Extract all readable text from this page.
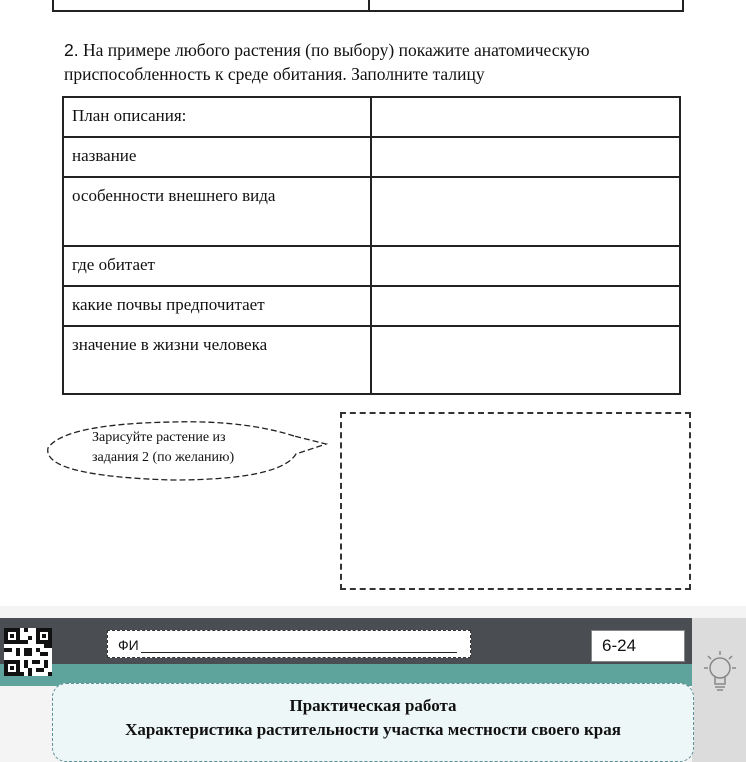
2. На примере любого растения (по выбору) покажите анатомическую приспособленность к среде обитания. Заполните талицу
План описания:	
название	
особенности внешнего вида	
где обитает	
какие почвы предпочитает	
значение в жизни человека	
Зарисуйте растение из
задания 2 (по желанию)
ФИ	6-24
Практическая работа
Характеристика растительности участка местности своего края
